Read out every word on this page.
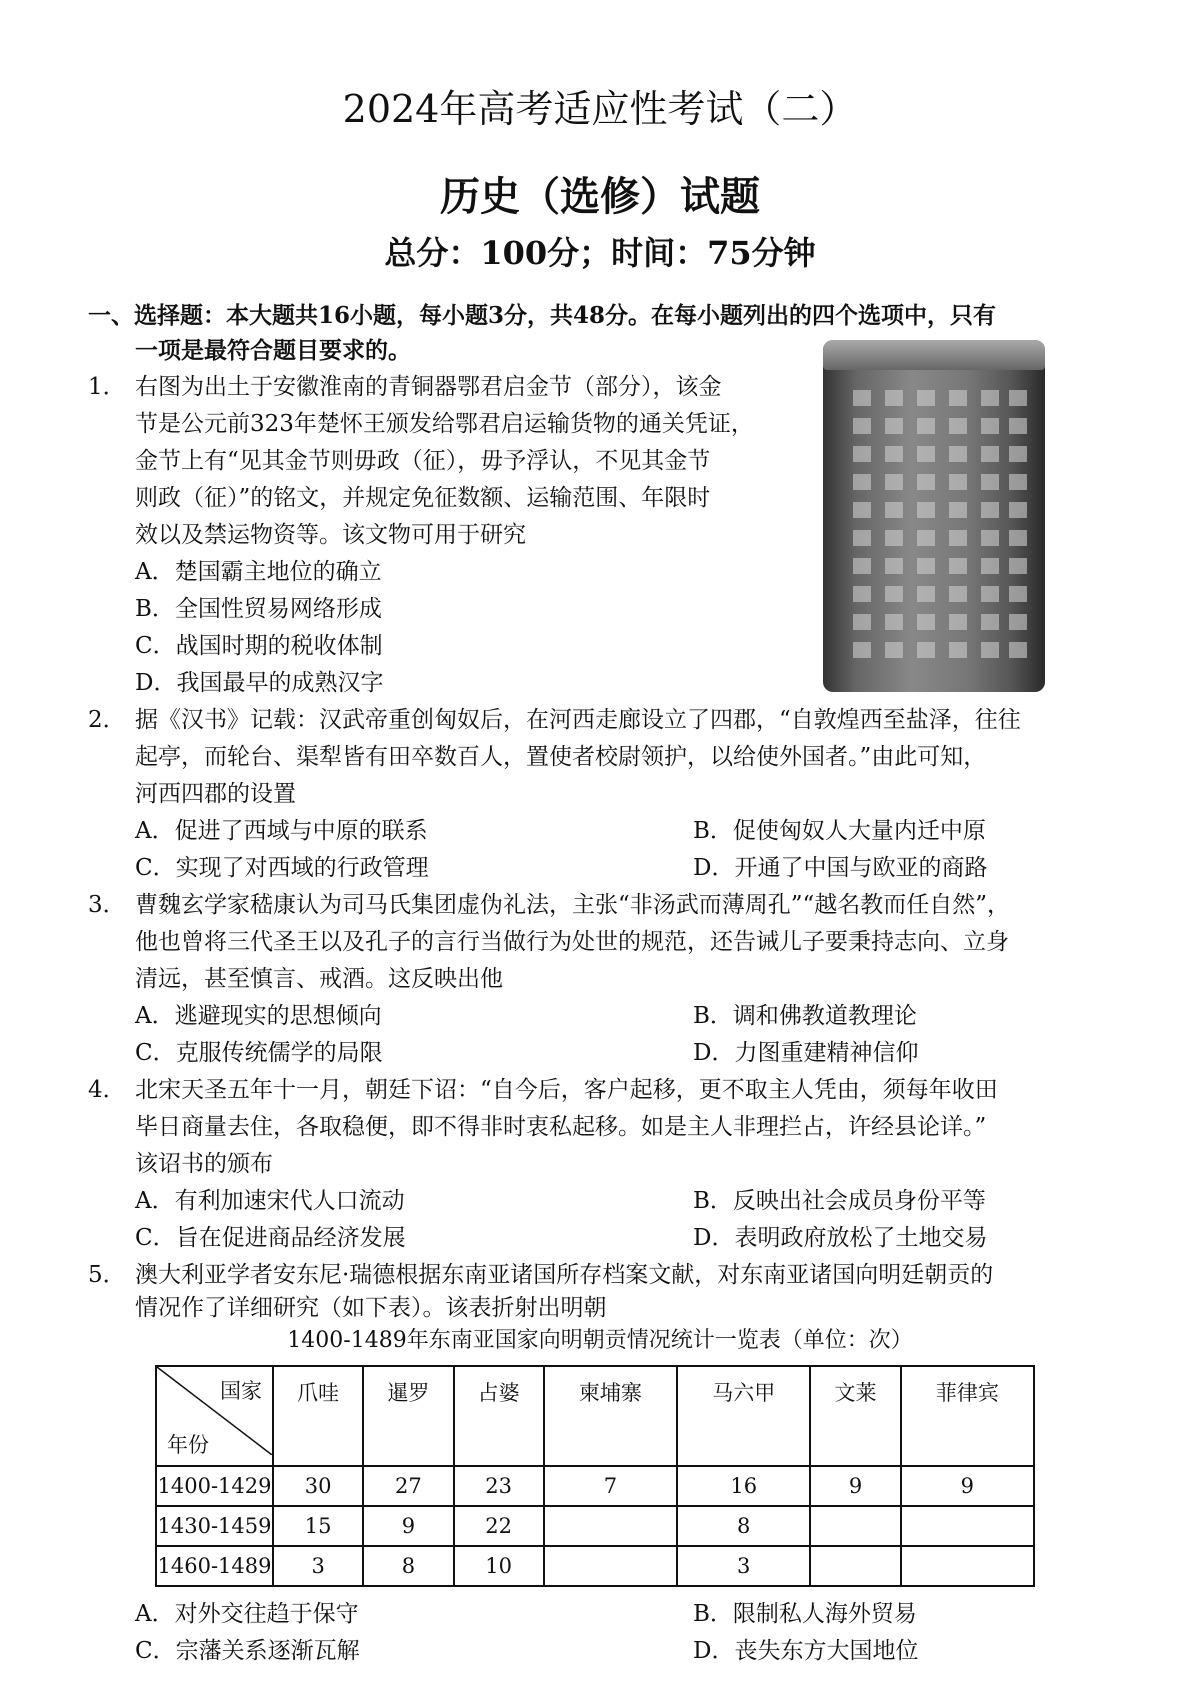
2024年高考适应性考试（二）
历史（选修）试题
总分：100分；时间：75分钟
一、选择题：本大题共16小题，每小题3分，共48分。在每小题列出的四个选项中，只有
一项是最符合题目要求的。
1． 右图为出土于安徽淮南的青铜器鄂君启金节（部分），该金
节是公元前323年楚怀王颁发给鄂君启运输货物的通关凭证，
金节上有“见其金节则毋政（征），毋予浮认，不见其金节
则政（征）”的铭文，并规定免征数额、运输范围、年限时
效以及禁运物资等。该文物可用于研究
A．楚国霸主地位的确立
B．全国性贸易网络形成
C．战国时期的税收体制
D．我国最早的成熟汉字
2． 据《汉书》记载：汉武帝重创匈奴后，在河西走廊设立了四郡，“自敦煌西至盐泽，往往
起亭，而轮台、渠犁皆有田卒数百人，置使者校尉领护，以给使外国者。”由此可知，
河西四郡的设置
A．促进了西域与中原的联系	B．促使匈奴人大量内迁中原
C．实现了对西域的行政管理	D．开通了中国与欧亚的商路
3． 曹魏玄学家嵇康认为司马氏集团虚伪礼法，主张“非汤武而薄周孔”“越名教而任自然”，
他也曾将三代圣王以及孔子的言行当做行为处世的规范，还告诫儿子要秉持志向、立身
清远，甚至慎言、戒酒。这反映出他
A．逃避现实的思想倾向	B．调和佛教道教理论
C．克服传统儒学的局限	D．力图重建精神信仰
4． 北宋天圣五年十一月，朝廷下诏：“自今后，客户起移，更不取主人凭由，须每年收田
毕日商量去住，各取稳便，即不得非时衷私起移。如是主人非理拦占，许经县论详。”
该诏书的颁布
A．有利加速宋代人口流动	B．反映出社会成员身份平等
C．旨在促进商品经济发展	D．表明政府放松了土地交易
5． 澳大利亚学者安东尼·瑞德根据东南亚诸国所存档案文献，对东南亚诸国向明廷朝贡的
情况作了详细研究（如下表）。该表折射出明朝
1400-1489年东南亚国家向明朝贡情况统计一览表（单位：次）
国家
年份	爪哇	暹罗	占婆	柬埔寨	马六甲	文莱	菲律宾
1400-1429	30	27	23	7	16	9	9
1430-1459	15	9	22		8		
1460-1489	3	8	10		3		
A．对外交往趋于保守	B．限制私人海外贸易
C．宗藩关系逐渐瓦解	D．丧失东方大国地位
